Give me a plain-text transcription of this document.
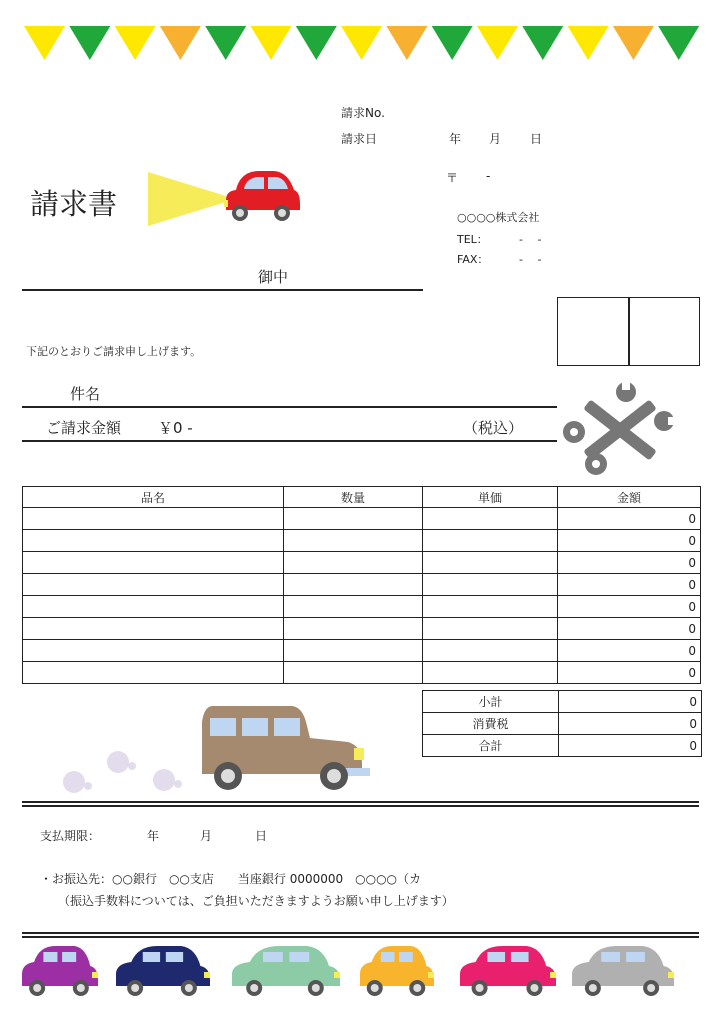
請求No.
請求日	年 月 日
〒 -
○○○○株式会社
TEL：	-　 -
FAX：	-　 -
請求書
御中
下記のとおりご請求申し上げます。
件名
ご請求金額 ￥0 -	（税込）
品名	数量	単価	金額
			0
			0
			0
			0
			0
			0
			0
			0
小計	0
消費税	0
合計	0
支払期限：	年	月	日
・お振込先：○○銀行　○○支店　　当座銀行 0000000　○○○○（カ
（振込手数料については、ご負担いただきますようお願い申し上げます）
